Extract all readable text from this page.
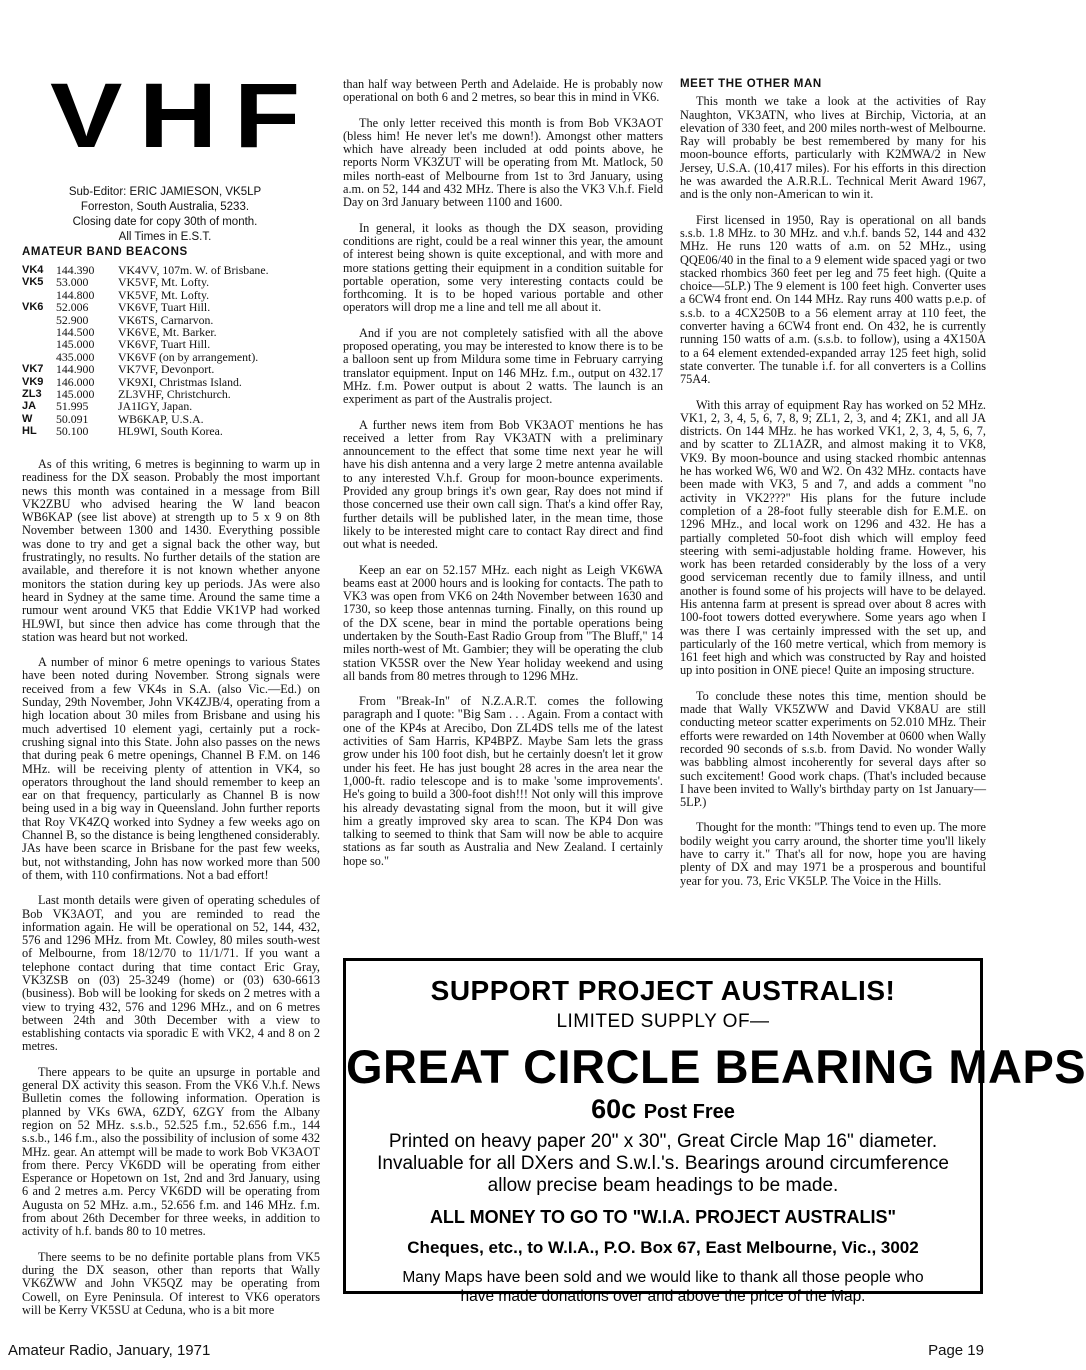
VHF
Sub-Editor: ERIC JAMIESON, VK5LP
Forreston, South Australia, 5233.
Closing date for copy 30th of month.
All Times in E.S.T.
AMATEUR BAND BEACONS
VK4	144.390	VK4VV, 107m. W. of Brisbane.
VK5	53.000	VK5VF, Mt. Lofty.
	144.800	VK5VF, Mt. Lofty.
VK6	52.006	VK6VF, Tuart Hill.
	52.900	VK6TS, Carnarvon.
	144.500	VK6VE, Mt. Barker.
	145.000	VK6VF, Tuart Hill.
	435.000	VK6VF (on by arrangement).
VK7	144.900	VK7VF, Devonport.
VK9	146.000	VK9XI, Christmas Island.
ZL3	145.000	ZL3VHF, Christchurch.
JA	51.995	JA1IGY, Japan.
W	50.091	WB6KAP, U.S.A.
HL	50.100	HL9WI, South Korea.

As of this writing, 6 metres is beginning to warm up in readiness for the DX season. Probably the most important news this month was contained in a message from Bill VK2ZBU who advised hearing the W land beacon WB6KAP (see list above) at strength up to 5 x 9 on 8th November between 1300 and 1430. Everything possible was done to try and get a signal back the other way, but frustratingly, no results. No further details of the station are available, and therefore it is not known whether anyone monitors the station during key up periods. JAs were also heard in Sydney at the same time. Around the same time a rumour went around VK5 that Eddie VK1VP had worked HL9WI, but since then advice has come through that the station was heard but not worked.

A number of minor 6 metre openings to various States have been noted during November. Strong signals were received from a few VK4s in S.A. (also Vic.—Ed.) on Sunday, 29th November, John VK4ZJB/4, operating from a high location about 30 miles from Brisbane and using his much advertised 10 element yagi, certainly put a rock-crushing signal into this State. John also passes on the news that during peak 6 metre openings, Channel B F.M. on 146 MHz. will be receiving plenty of attention in VK4, so operators throughout the land should remember to keep an ear on that frequency, particularly as Channel B is now being used in a big way in Queensland. John further reports that Roy VK4ZQ worked into Sydney a few weeks ago on Channel B, so the distance is being lengthened considerably. JAs have been scarce in Brisbane for the past few weeks, but, not withstanding, John has now worked more than 500 of them, with 110 confirmations. Not a bad effort!

Last month details were given of operating schedules of Bob VK3AOT, and you are reminded to read the information again. He will be operational on 52, 144, 432, 576 and 1296 MHz. from Mt. Cowley, 80 miles south-west of Melbourne, from 18/12/70 to 11/1/71. If you want a telephone contact during that time contact Eric Gray, VK3ZSB on (03) 25-3249 (home) or (03) 630-6613 (business). Bob will be looking for skeds on 2 metres with a view to trying 432, 576 and 1296 MHz., and on 6 metres between 24th and 30th December with a view to establishing contacts via sporadic E with VK2, 4 and 8 on 2 metres.

There appears to be quite an upsurge in portable and general DX activity this season. From the VK6 V.h.f. News Bulletin comes the following information. Operation is planned by VKs 6WA, 6ZDY, 6ZGY from the Albany region on 52 MHz. s.s.b., 52.525 f.m., 52.656 f.m., 144 s.s.b., 146 f.m., also the possibility of inclusion of some 432 MHz. gear. An attempt will be made to work Bob VK3AOT from there. Percy VK6DD will be operating from either Esperance or Hopetown on 1st, 2nd and 3rd January, using 6 and 2 metres a.m. Percy VK6DD will be operating from Augusta on 52 MHz. a.m., 52.656 f.m. and 146 MHz. f.m. from about 26th December for three weeks, in addition to activity of h.f. bands 80 to 10 metres.

There seems to be no definite portable plans from VK5 during the DX season, other than reports that Wally VK6ZWW and John VK5QZ may be operating from Cowell, on Eyre Peninsula. Of interest to VK6 operators will be Kerry VK5SU at Ceduna, who is a bit more

than half way between Perth and Adelaide. He is probably now operational on both 6 and 2 metres, so bear this in mind in VK6.

The only letter received this month is from Bob VK3AOT (bless him! He never let's me down!). Amongst other matters which have already been included at odd points above, he reports Norm VK3ZUT will be operating from Mt. Matlock, 50 miles north-east of Melbourne from 1st to 3rd January, using a.m. on 52, 144 and 432 MHz. There is also the VK3 V.h.f. Field Day on 3rd January between 1100 and 1600.

In general, it looks as though the DX season, providing conditions are right, could be a real winner this year, the amount of interest being shown is quite exceptional, and with more and more stations getting their equipment in a condition suitable for portable operation, some very interesting contacts could be forthcoming. It is to be hoped various portable and other operators will drop me a line and tell me all about it.

And if you are not completely satisfied with all the above proposed operating, you may be interested to know there is to be a balloon sent up from Mildura some time in February carrying translator equipment. Input on 146 MHz. f.m., output on 432.17 MHz. f.m. Power output is about 2 watts. The launch is an experiment as part of the Australis project.

A further news item from Bob VK3AOT mentions he has received a letter from Ray VK3ATN with a preliminary announcement to the effect that some time next year he will have his dish antenna and a very large 2 metre antenna available to any interested V.h.f. Group for moon-bounce experiments. Provided any group brings it's own gear, Ray does not mind if those concerned use their own call sign. That's a kind offer Ray, further details will be published later, in the mean time, those likely to be interested might care to contact Ray direct and find out what is needed.

Keep an ear on 52.157 MHz. each night as Leigh VK6WA beams east at 2000 hours and is looking for contacts. The path to VK3 was open from VK6 on 24th November between 1630 and 1730, so keep those antennas turning. Finally, on this round up of the DX scene, bear in mind the portable operations being undertaken by the South-East Radio Group from "The Bluff," 14 miles north-west of Mt. Gambier; they will be operating the club station VK5SR over the New Year holiday weekend and using all bands from 80 metres through to 1296 MHz.

From "Break-In" of N.Z.A.R.T. comes the following paragraph and I quote: "Big Sam . . . Again. From a contact with one of the KP4s at Arecibo, Don ZL4DS tells me of the latest activities of Sam Harris, KP4BPZ. Maybe Sam lets the grass grow under his 100 foot dish, but he certainly doesn't let it grow under his feet. He has just bought 28 acres in the area near the 1,000-ft. radio telescope and is to make 'some improvements'. He's going to build a 300-foot dish!!! Not only will this improve his already devastating signal from the moon, but it will give him a greatly improved sky area to scan. The KP4 Don was talking to seemed to think that Sam will now be able to acquire stations as far south as Australia and New Zealand. I certainly hope so."

MEET THE OTHER MAN

This month we take a look at the activities of Ray Naughton, VK3ATN, who lives at Birchip, Victoria, at an elevation of 330 feet, and 200 miles north-west of Melbourne. Ray will probably be best remembered by many for his moon-bounce efforts, particularly with K2MWA/2 in New Jersey, U.S.A. (10,417 miles). For his efforts in this direction he was awarded the A.R.R.L. Technical Merit Award 1967, and is the only non-American to win it.

First licensed in 1950, Ray is operational on all bands s.s.b. 1.8 MHz. to 30 MHz. and v.h.f. bands 52, 144 and 432 MHz. He runs 120 watts of a.m. on 52 MHz., using QQE06/40 in the final to a 9 element wide spaced yagi or two stacked rhombics 360 feet per leg and 75 feet high. (Quite a choice—5LP.) The 9 element is 100 feet high. Converter uses a 6CW4 front end. On 144 MHz. Ray runs 400 watts p.e.p. of s.s.b. to a 4CX250B to a 56 element array at 110 feet, the converter having a 6CW4 front end. On 432, he is currently running 150 watts of a.m. (s.s.b. to follow), using a 4X150A to a 64 element extended-expanded array 125 feet high, solid state converter. The tunable i.f. for all converters is a Collins 75A4.

With this array of equipment Ray has worked on 52 MHz. VK1, 2, 3, 4, 5, 6, 7, 8, 9; ZL1, 2, 3, and 4; ZK1, and all JA districts. On 144 MHz. he has worked VK1, 2, 3, 4, 5, 6, 7, and by scatter to ZL1AZR, and almost making it to VK8, VK9. By moon-bounce and using stacked rhombic antennas he has worked W6, W0 and W2. On 432 MHz. contacts have been made with VK3, 5 and 7, and adds a comment "no activity in VK2???" His plans for the future include completion of a 28-foot fully steerable dish for E.M.E. on 1296 MHz., and local work on 1296 and 432. He has a partially completed 50-foot dish which will employ feed steering with semi-adjustable holding frame. However, his work has been retarded considerably by the loss of a very good serviceman recently due to family illness, and until another is found some of his projects will have to be delayed. His antenna farm at present is spread over about 8 acres with 100-foot towers dotted everywhere. Some years ago when I was there I was certainly impressed with the set up, and particularly of the 160 metre vertical, which from memory is 161 feet high and which was constructed by Ray and hoisted up into position in ONE piece! Quite an imposing structure.

To conclude these notes this time, mention should be made that Wally VK5ZWW and David VK8AU are still conducting meteor scatter experiments on 52.010 MHz. Their efforts were rewarded on 14th November at 0600 when Wally recorded 90 seconds of s.s.b. from David. No wonder Wally was babbling almost incoherently for several days after so such excitement! Good work chaps. (That's included because I have been invited to Wally's birthday party on 1st January—5LP.)

Thought for the month: "Things tend to even up. The more bodily weight you carry around, the shorter time you'll likely have to carry it." That's all for now, hope you are having plenty of DX and may 1971 be a prosperous and bountiful year for you. 73, Eric VK5LP. The Voice in the Hills.

SUPPORT PROJECT AUSTRALIS!
LIMITED SUPPLY OF—
GREAT CIRCLE BEARING MAPS
60c Post Free
Printed on heavy paper 20" x 30", Great Circle Map 16" diameter.
Invaluable for all DXers and S.w.l.'s. Bearings around circumference
allow precise beam headings to be made.
ALL MONEY TO GO TO "W.I.A. PROJECT AUSTRALIS"
Cheques, etc., to W.I.A., P.O. Box 67, East Melbourne, Vic., 3002
Many Maps have been sold and we would like to thank all those people who
have made donations over and above the price of the Map.
Amateur Radio, January, 1971	Page 19
